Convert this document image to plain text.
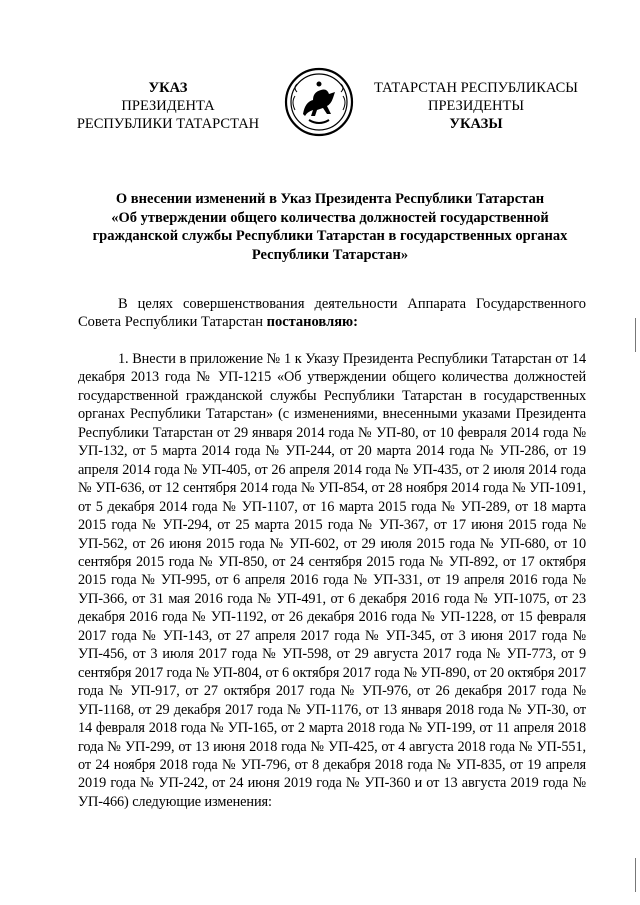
УКАЗ
ПРЕЗИДЕНТА
РЕСПУБЛИКИ ТАТАРСТАН
ТАТАРСТАН РЕСПУБЛИКАСЫ
ПРЕЗИДЕНТЫ
УКАЗЫ
О внесении изменений в Указ Президента Республики Татарстан
«Об утверждении общего количества должностей государственной
гражданской службы Республики Татарстан в государственных органах
Республики Татарстан»
В целях совершенствования деятельности Аппарата Государственного Совета Республики Татарстан постановляю:
1. Внести в приложение № 1 к Указу Президента Республики Татарстан от 14 декабря 2013 года № УП-1215 «Об утверждении общего количества должностей государственной гражданской службы Республики Татарстан в государственных органах Республики Татарстан» (с изменениями, внесенными указами Президента Республики Татарстан от 29 января 2014 года № УП-80, от 10 февраля 2014 года № УП-132, от 5 марта 2014 года № УП-244, от 20 марта 2014 года № УП-286, от 19 апреля 2014 года № УП-405, от 26 апреля 2014 года № УП-435, от 2 июля 2014 года № УП-636, от 12 сентября 2014 года № УП-854, от 28 ноября 2014 года № УП-1091, от 5 декабря 2014 года № УП-1107, от 16 марта 2015 года № УП-289, от 18 марта 2015 года № УП-294, от 25 марта 2015 года № УП-367, от 17 июня 2015 года № УП-562, от 26 июня 2015 года № УП-602, от 29 июля 2015 года № УП-680, от 10 сентября 2015 года № УП-850, от 24 сентября 2015 года № УП-892, от 17 октября 2015 года № УП-995, от 6 апреля 2016 года № УП-331, от 19 апреля 2016 года № УП-366, от 31 мая 2016 года № УП-491, от 6 декабря 2016 года № УП-1075, от 23 декабря 2016 года № УП-1192, от 26 декабря 2016 года № УП-1228, от 15 февраля 2017 года № УП-143, от 27 апреля 2017 года № УП-345, от 3 июня 2017 года № УП-456, от 3 июля 2017 года № УП-598, от 29 августа 2017 года № УП-773, от 9 сентября 2017 года № УП-804, от 6 октября 2017 года № УП-890, от 20 октября 2017 года № УП-917, от 27 октября 2017 года № УП-976, от 26 декабря 2017 года № УП-1168, от 29 декабря 2017 года № УП-1176, от 13 января 2018 года № УП-30, от 14 февраля 2018 года № УП-165, от 2 марта 2018 года № УП-199, от 11 апреля 2018 года № УП-299, от 13 июня 2018 года № УП-425, от 4 августа 2018 года № УП-551, от 24 ноября 2018 года № УП-796, от 8 декабря 2018 года № УП-835, от 19 апреля 2019 года № УП-242, от 24 июня 2019 года № УП-360 и от 13 августа 2019 года № УП-466) следующие изменения:
